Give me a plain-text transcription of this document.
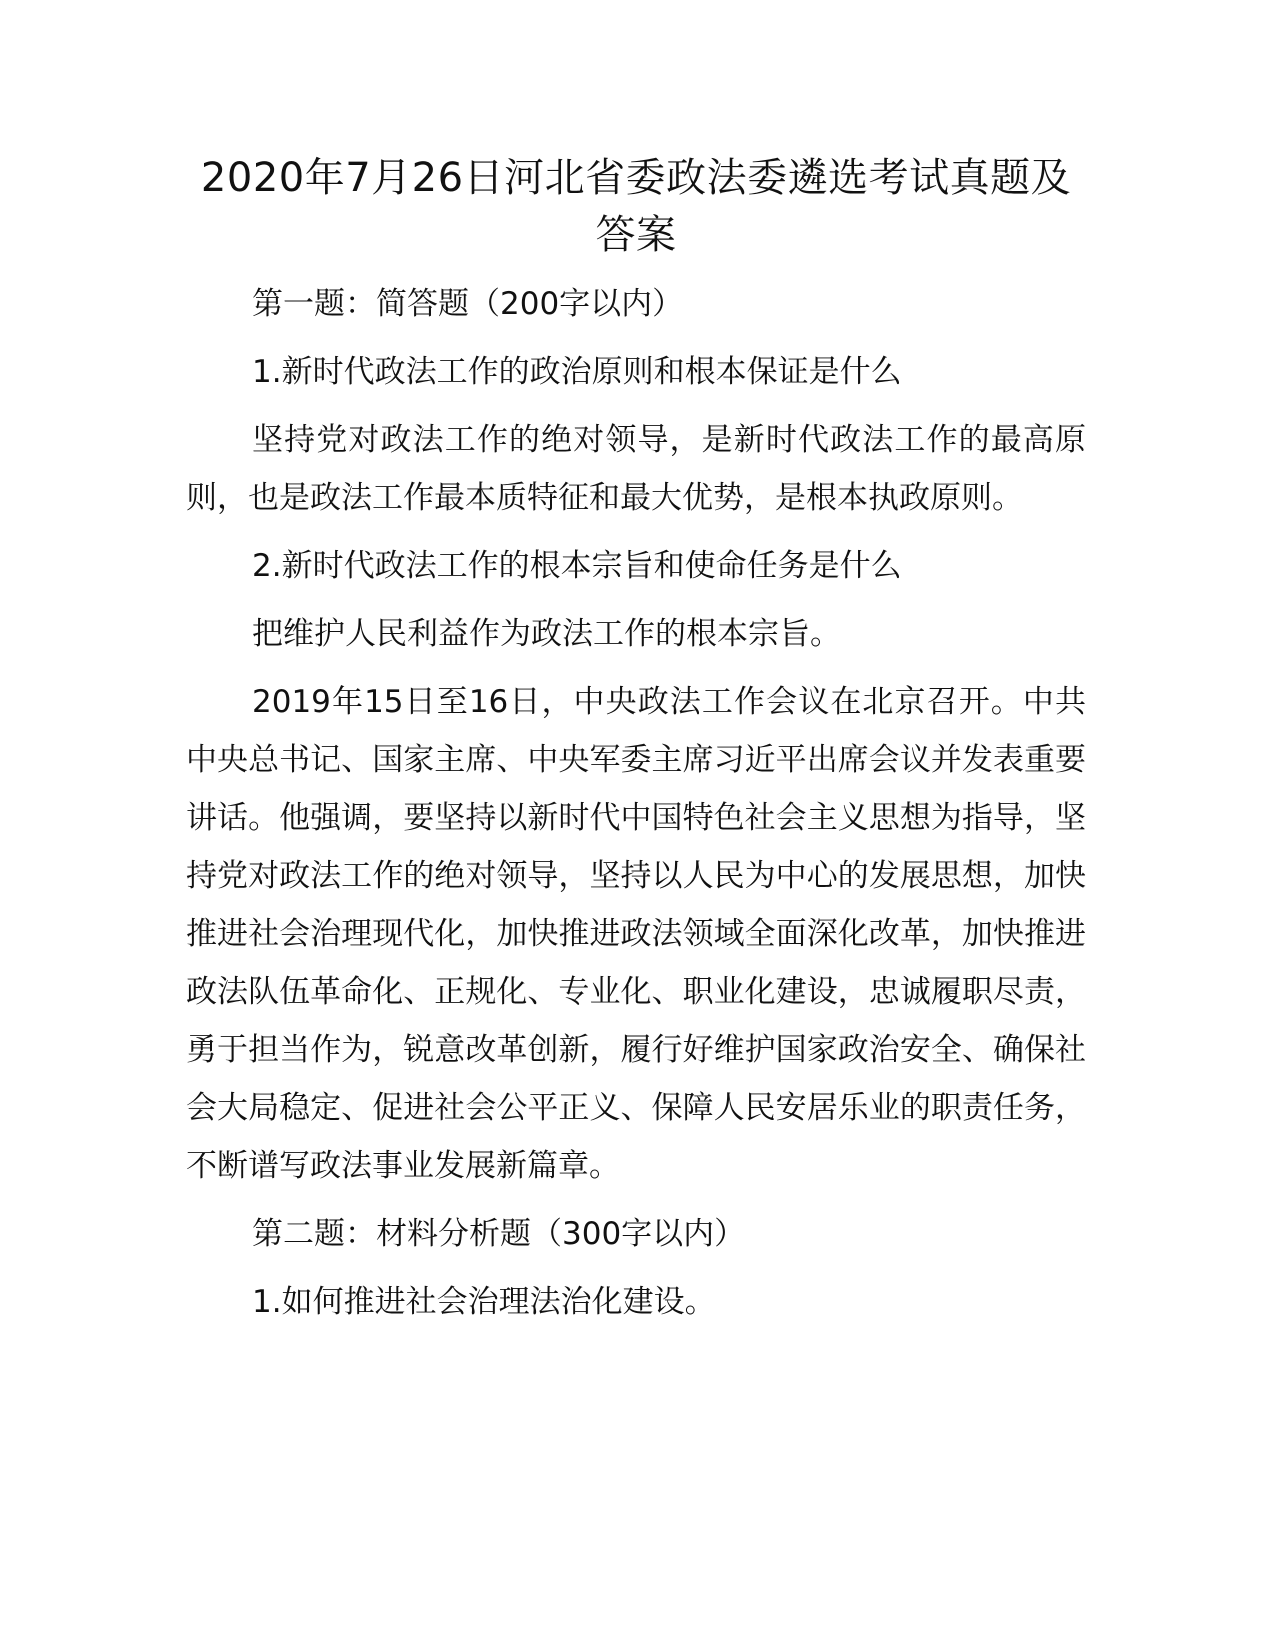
2020年7月26日河北省委政法委遴选考试真题及答案

第一题：简答题（200字以内）

1.新时代政法工作的政治原则和根本保证是什么

坚持党对政法工作的绝对领导，是新时代政法工作的最高原则，也是政法工作最本质特征和最大优势，是根本执政原则。

2.新时代政法工作的根本宗旨和使命任务是什么

把维护人民利益作为政法工作的根本宗旨。

2019年15日至16日，中央政法工作会议在北京召开。中共中央总书记、国家主席、中央军委主席习近平出席会议并发表重要讲话。他强调，要坚持以新时代中国特色社会主义思想为指导，坚持党对政法工作的绝对领导，坚持以人民为中心的发展思想，加快推进社会治理现代化，加快推进政法领域全面深化改革，加快推进政法队伍革命化、正规化、专业化、职业化建设，忠诚履职尽责，勇于担当作为，锐意改革创新，履行好维护国家政治安全、确保社会大局稳定、促进社会公平正义、保障人民安居乐业的职责任务，不断谱写政法事业发展新篇章。

第二题：材料分析题（300字以内）

1.如何推进社会治理法治化建设。
